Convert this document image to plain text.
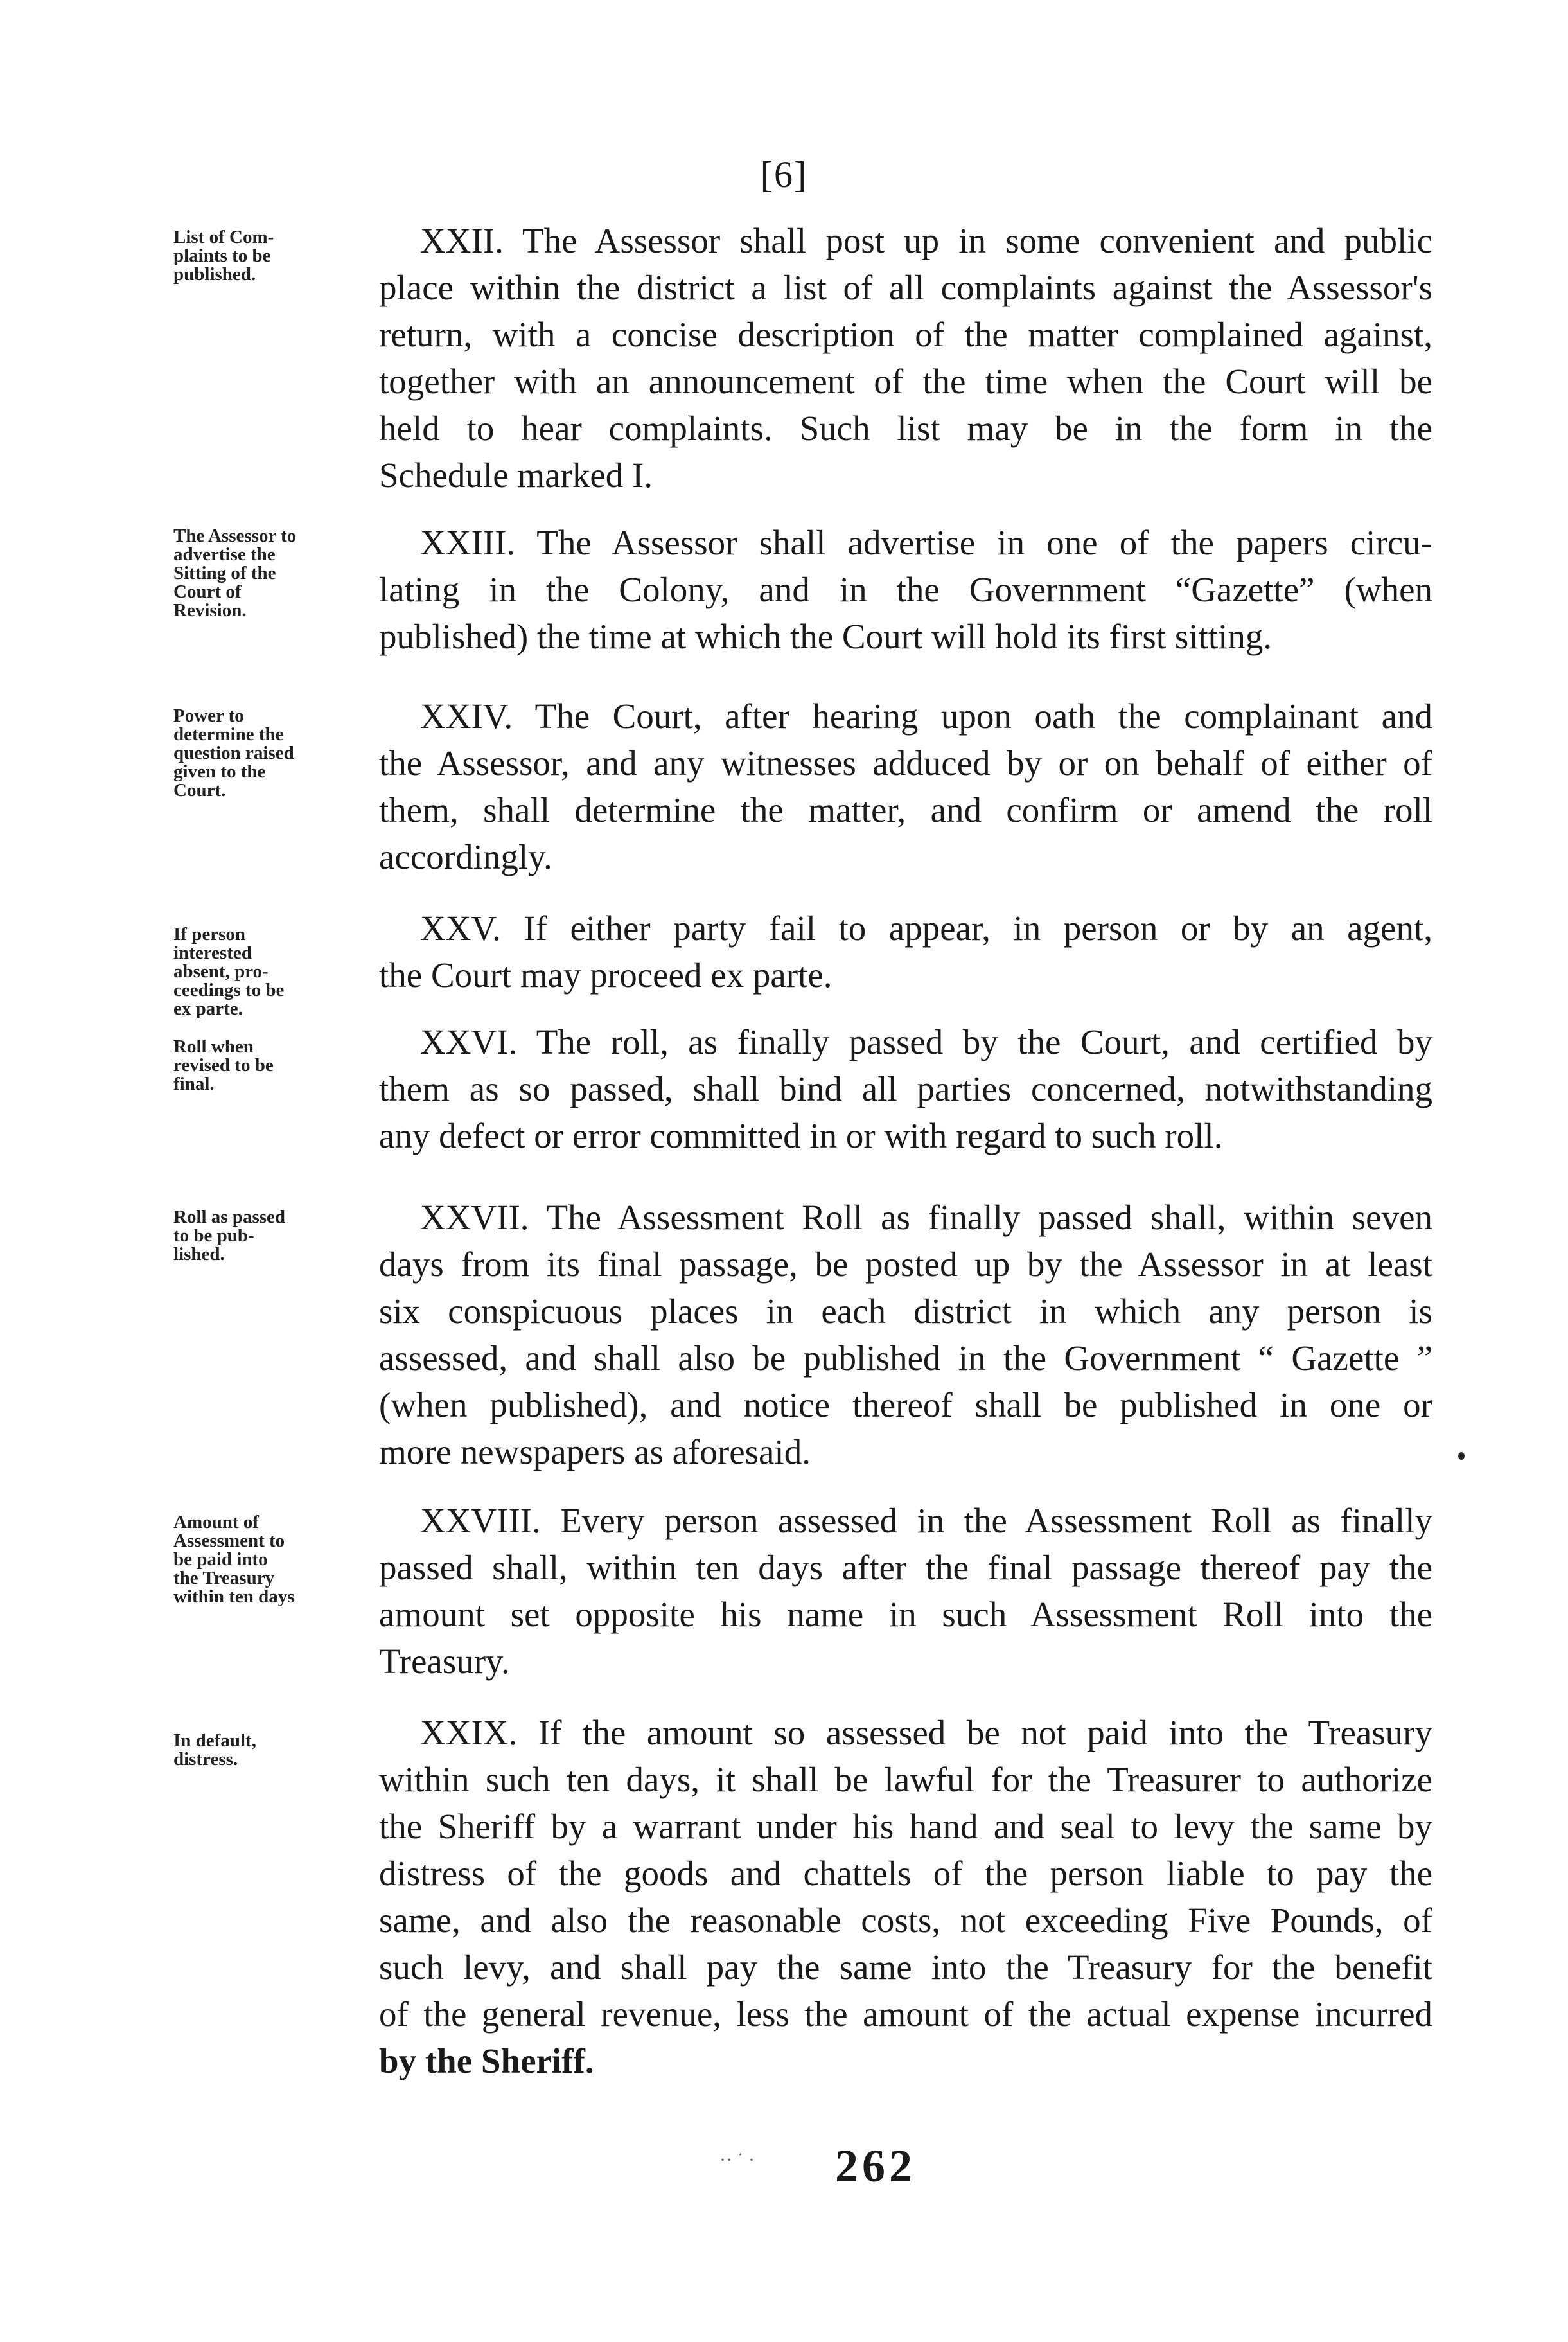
[6]
List of Com-
plaints to be
published.
XXII. The Assessor shall post up in some convenient and public
place within the district a list of all complaints against the Assessor's
return, with a concise description of the matter complained against,
together with an announcement of the time when the Court will be
held to hear complaints. Such list may be in the form in the
Schedule marked I.
The Assessor to
advertise the
Sitting of the
Court of
Revision.
XXIII. The Assessor shall advertise in one of the papers circu-
lating in the Colony, and in the Government “Gazette” (when
published) the time at which the Court will hold its first sitting.
Power to
determine the
question raised
given to the
Court.
XXIV. The Court, after hearing upon oath the complainant and
the Assessor, and any witnesses adduced by or on behalf of either of
them, shall determine the matter, and confirm or amend the roll
accordingly.
If person
interested
absent, pro-
ceedings to be
ex parte.
XXV. If either party fail to appear, in person or by an agent,
the Court may proceed ex parte.
Roll when
revised to be
final.
XXVI. The roll, as finally passed by the Court, and certified by
them as so passed, shall bind all parties concerned, notwithstanding
any defect or error committed in or with regard to such roll.
Roll as passed
to be pub-
lished.
XXVII. The Assessment Roll as finally passed shall, within seven
days from its final passage, be posted up by the Assessor in at least
six conspicuous places in each district in which any person is
assessed, and shall also be published in the Government “ Gazette ”
(when published), and notice thereof shall be published in one or
more newspapers as aforesaid.
Amount of
Assessment to
be paid into
the Treasury
within ten days
XXVIII. Every person assessed in the Assessment Roll as finally
passed shall, within ten days after the final passage thereof pay the
amount set opposite his name in such Assessment Roll into the
Treasury.
In default,
distress.
XXIX. If the amount so assessed be not paid into the Treasury
within such ten days, it shall be lawful for the Treasurer to authorize
the Sheriff by a warrant under his hand and seal to levy the same by
distress of the goods and chattels of the person liable to pay the
same, and also the reasonable costs, not exceeding Five Pounds, of
such levy, and shall pay the same into the Treasury for the benefit
of the general revenue, less the amount of the actual expense incurred
by the Sheriff.
·· ˙ · 262
